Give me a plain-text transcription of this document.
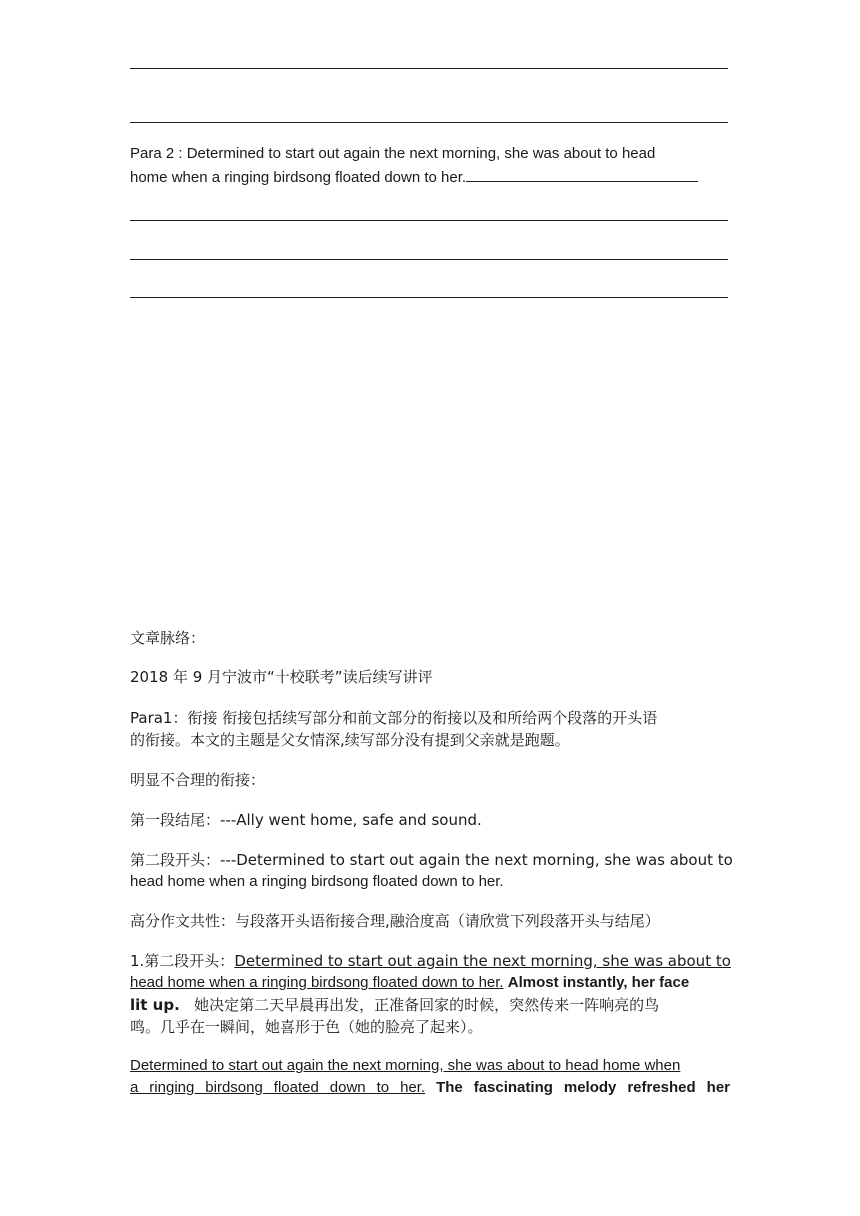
Para 2 : Determined to start out again the next morning, she was about to head
home when a ringing birdsong floated down to her.
文章脉络：
2018 年 9 月宁波市“十校联考”读后续写讲评
Para1：衔接 衔接包括续写部分和前文部分的衔接以及和所给两个段落的开头语
的衔接。本文的主题是父女情深,续写部分没有提到父亲就是跑题。
明显不合理的衔接：
第一段结尾：---Ally went home, safe and sound.
第二段开头：---Determined to start out again the next morning, she was about to
head home when a ringing birdsong floated down to her.
高分作文共性：与段落开头语衔接合理,融洽度高（请欣赏下列段落开头与结尾）
1.第二段开头：Determined to start out again the next morning, she was about to
head home when a ringing birdsong floated down to her. Almost instantly, her face
lit up. 她决定第二天早晨再出发，正准备回家的时候，突然传来一阵响亮的鸟
鸣。几乎在一瞬间，她喜形于色（她的脸亮了起来）。
Determined to start out again the next morning, she was about to head home when
a ringing birdsong floated down to her. The fascinating melody refreshed her
